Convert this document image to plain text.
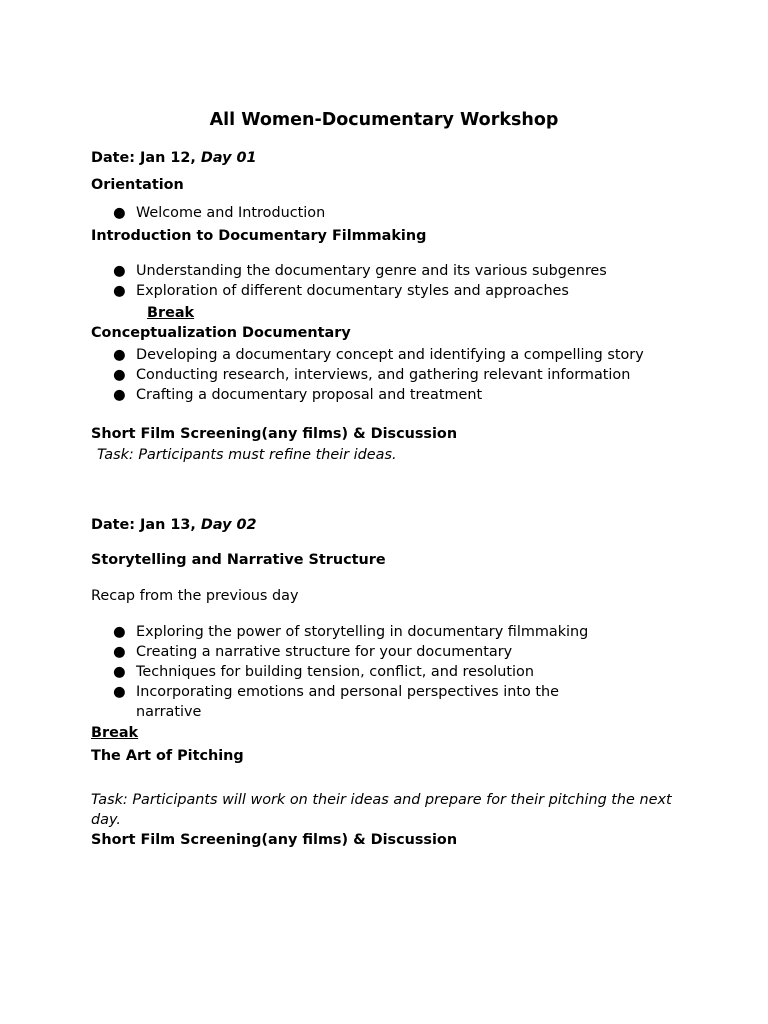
All Women-Documentary Workshop
Date: Jan 12, Day 01
Orientation
● Welcome and Introduction
Introduction to Documentary Filmmaking
● Understanding the documentary genre and its various subgenres
● Exploration of different documentary styles and approaches
Break
Conceptualization Documentary
● Developing a documentary concept and identifying a compelling story
● Conducting research, interviews, and gathering relevant information
● Crafting a documentary proposal and treatment
Short Film Screening(any films) & Discussion
Task: Participants must refine their ideas.
Date: Jan 13, Day 02
Storytelling and Narrative Structure
Recap from the previous day
● Exploring the power of storytelling in documentary filmmaking
● Creating a narrative structure for your documentary
● Techniques for building tension, conflict, and resolution
● Incorporating emotions and personal perspectives into the
narrative
Break
The Art of Pitching
Task: Participants will work on their ideas and prepare for their pitching the next
day.
Short Film Screening(any films) & Discussion
